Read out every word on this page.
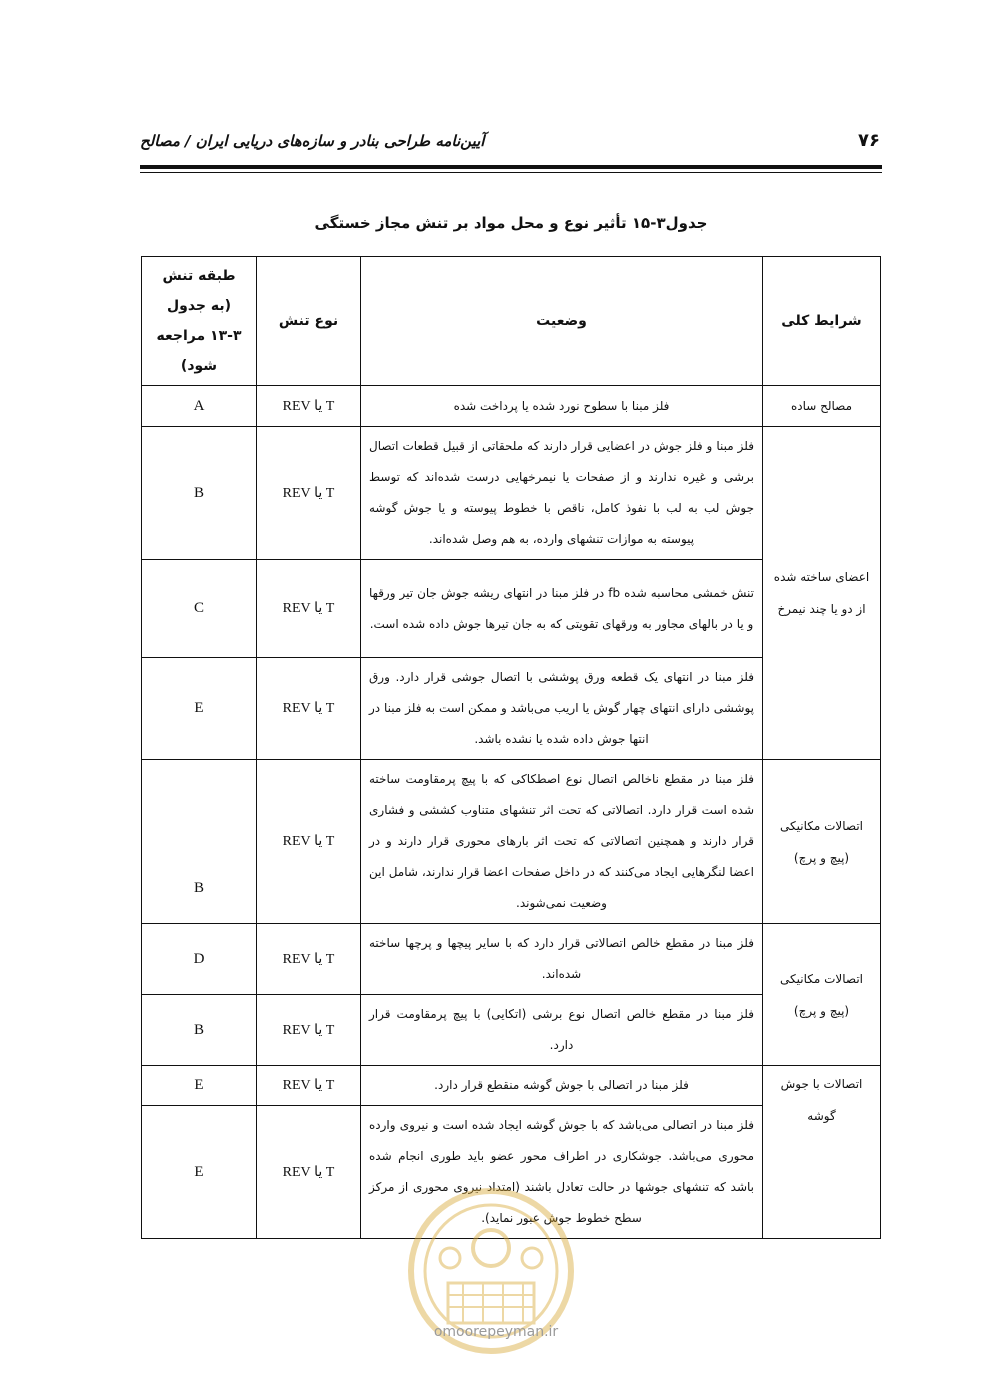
۷۶
آیین‌نامه طراحی بنادر و سازه‌های دریایی ایران / مصالح
جدول۳-۱۵ تأثیر نوع و محل مواد بر تنش مجاز خستگی
شرایط کلی	وضعیت	نوع تنش	طبقه تنش (به جدول ۳-۱۳ مراجعه شود)
مصالح ساده	فلز مبنا با سطوح نورد شده یا پرداخت شده	T یا REV	A
اعضای ساخته شده از دو یا چند نیمرخ	فلز مبنا و فلز جوش در اعضایی قرار دارند که ملحقاتی از قبیل قطعات اتصال برشی و غیره ندارند و از صفحات یا نیمرخهایی درست شده‌اند که توسط جوش لب به لب با نفوذ کامل، ناقص با خطوط پیوسته و یا جوش گوشه پیوسته به موازات تنشهای وارده، به هم وصل شده‌اند.	T یا REV	B
	تنش خمشی محاسبه شده fb در فلز مبنا در انتهای ریشه جوش جان تیر ورقها و یا در بالهای مجاور به ورقهای تقویتی که به جان تیرها جوش داده شده است.	T یا REV	C
	فلز مبنا در انتهای یک قطعه ورق پوششی با اتصال جوشی قرار دارد. ورق پوششی دارای انتهای چهار گوش یا اریب می‌باشد و ممکن است به فلز مبنا در انتها جوش داده شده یا نشده باشد.	T یا REV	E
اتصالات مکانیکی (پیچ و پرچ)	فلز مبنا در مقطع ناخالص اتصال نوع اصطکاکی که با پیچ پرمقاومت ساخته شده است قرار دارد. اتصالاتی که تحت اثر تنشهای متناوب کششی و فشاری قرار دارند و همچنین اتصالاتی که تحت اثر بارهای محوری قرار دارند و در اعضا لنگرهایی ایجاد می‌کنند که در داخل صفحات اعضا قرار ندارند، شامل این وضعیت نمی‌شوند.	T یا REV	B
اتصالات مکانیکی (پیچ و پرچ)	فلز مبنا در مقطع خالص اتصالاتی قرار دارد که با سایر پیچها و پرچها ساخته شده‌اند.	T یا REV	D
	فلز مبنا در مقطع خالص اتصال نوع برشی (اتکایی) با پیچ پرمقاومت قرار دارد.	T یا REV	B
اتصالات با جوش گوشه	فلز مبنا در اتصالی با جوش گوشه منقطع قرار دارد.	T یا REV	E
	فلز مبنا در اتصالی می‌باشد که با جوش گوشه ایجاد شده است و نیروی وارده محوری می‌باشد. جوشکاری در اطراف محور عضو باید طوری انجام شده باشد که تنشهای جوشها در حالت تعادل باشند (امتداد نیروی محوری از مرکز سطح خطوط جوش عبور نماید).	T یا REV	E
omoorepeyman.ir
